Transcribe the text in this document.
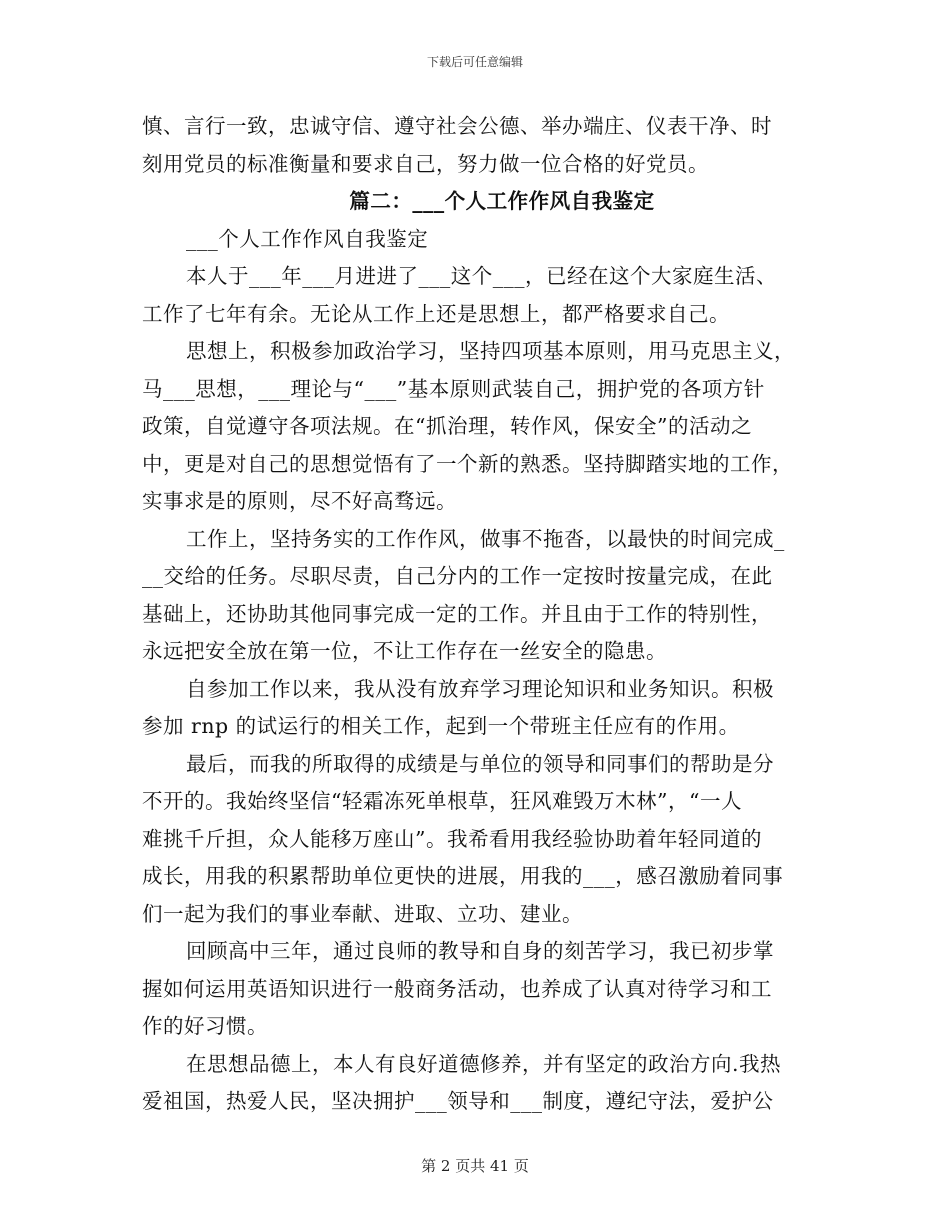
下载后可任意编辑
慎、言行一致，忠诚守信、遵守社会公德、举办端庄、仪表干净、时
刻用党员的标准衡量和要求自己，努力做一位合格的好党员。
篇二：___个人工作作风自我鉴定
___个人工作作风自我鉴定
本人于___年___月进进了___这个___，已经在这个大家庭生活、
工作了七年有余。无论从工作上还是思想上，都严格要求自己。
思想上，积极参加政治学习，坚持四项基本原则，用马克思主义，
马___思想，___理论与“___”基本原则武装自己，拥护党的各项方针
政策，自觉遵守各项法规。在“抓治理，转作风，保安全”的活动之
中，更是对自己的思想觉悟有了一个新的熟悉。坚持脚踏实地的工作，
实事求是的原则，尽不好高骛远。
工作上，坚持务实的工作作风，做事不拖沓，以最快的时间完成_
__交给的任务。尽职尽责，自己分内的工作一定按时按量完成，在此
基础上，还协助其他同事完成一定的工作。并且由于工作的特别性，
永远把安全放在第一位，不让工作存在一丝安全的隐患。
自参加工作以来，我从没有放弃学习理论知识和业务知识。积极
参加 rnp 的试运行的相关工作，起到一个带班主任应有的作用。
最后，而我的所取得的成绩是与单位的领导和同事们的帮助是分
不开的。我始终坚信“轻霜冻死单根草，狂风难毁万木林”，“一人
难挑千斤担，众人能移万座山”。我希看用我经验协助着年轻同道的
成长，用我的积累帮助单位更快的进展，用我的___，感召激励着同事
们一起为我们的事业奉献、进取、立功、建业。
回顾高中三年，通过良师的教导和自身的刻苦学习，我已初步掌
握如何运用英语知识进行一般商务活动，也养成了认真对待学习和工
作的好习惯。
在思想品德上，本人有良好道德修养，并有坚定的政治方向.我热
爱祖国，热爱人民，坚决拥护___领导和___制度，遵纪守法，爱护公
第 2 页共 41 页
